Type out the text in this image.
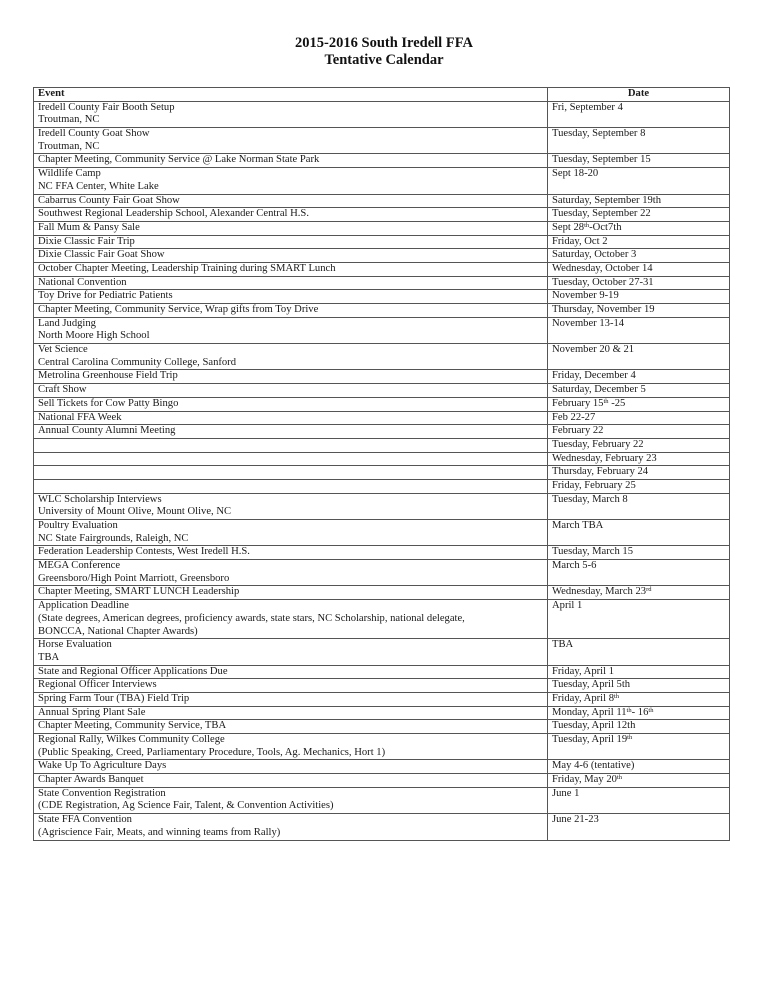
2015-2016 South Iredell FFA
Tentative Calendar
Event	Date

Iredell County Fair Booth Setup
Troutman, NC	Fri, September 4

Iredell County Goat Show
Troutman, NC	Tuesday, September 8

Chapter Meeting, Community Service @ Lake Norman State Park	Tuesday, September 15

Wildlife Camp
NC FFA Center, White Lake	Sept 18-20

Cabarrus County Fair Goat Show	Saturday, September 19th

Southwest Regional Leadership School, Alexander Central H.S.	Tuesday, September 22

Fall Mum & Pansy Sale	Sept 28th-Oct7th

Dixie Classic Fair Trip	Friday, Oct 2

Dixie Classic Fair Goat Show	Saturday, October 3

October Chapter Meeting, Leadership Training during SMART Lunch	Wednesday, October 14

National Convention	Tuesday, October 27-31

Toy Drive for Pediatric Patients	November 9-19

Chapter Meeting, Community Service, Wrap gifts from Toy Drive	Thursday, November 19

Land Judging
North Moore High School	November 13-14

Vet Science
Central Carolina Community College, Sanford	November 20 & 21

Metrolina Greenhouse Field Trip	Friday, December 4

Craft Show	Saturday, December 5

Sell Tickets for Cow Patty Bingo	February 15th -25

National FFA Week	Feb 22-27

Annual County Alumni Meeting	February 22

	Tuesday, February 22

	Wednesday, February 23

	Thursday, February 24

	Friday, February 25

WLC Scholarship Interviews
University of Mount Olive, Mount Olive, NC	Tuesday, March 8

Poultry Evaluation
NC State Fairgrounds, Raleigh, NC	March TBA

Federation Leadership Contests, West Iredell H.S.	Tuesday, March 15

MEGA Conference
Greensboro/High Point Marriott, Greensboro	March 5-6

Chapter Meeting, SMART LUNCH Leadership	Wednesday, March 23rd

Application Deadline
(State degrees, American degrees, proficiency awards, state stars, NC Scholarship, national delegate,
BONCCA, National Chapter Awards)	April 1

Horse Evaluation
TBA	TBA

State and Regional Officer Applications Due	Friday, April 1

Regional Officer Interviews	Tuesday, April 5th

Spring Farm Tour (TBA) Field Trip	Friday, April 8th

Annual Spring Plant Sale	Monday, April 11th- 16th

Chapter Meeting, Community Service, TBA	Tuesday, April 12th

Regional Rally, Wilkes Community College
(Public Speaking, Creed, Parliamentary Procedure, Tools, Ag. Mechanics, Hort 1)	Tuesday, April 19th

Wake Up To Agriculture Days	May 4-6 (tentative)

Chapter Awards Banquet	Friday, May 20th

State Convention Registration
(CDE Registration, Ag Science Fair, Talent, & Convention Activities)	June 1

State FFA Convention
(Agriscience Fair, Meats, and winning teams from Rally)	June 21-23
